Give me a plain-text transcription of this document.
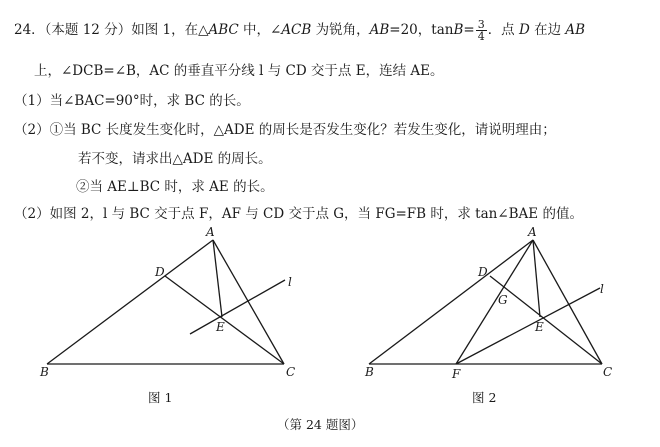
24．（本题 12 分）如图 1，在△ABC 中，∠ACB 为锐角，AB=20，$\tan B= \frac{3}{4}$ ．点 D 在边 AB
上，∠DCB=∠B，AC 的垂直平分线 l 与 CD 交于点 E，连结 AE。
（1）当∠BAC=90°时，求 BC 的长。
（2）①当 BC 长度发生变化时，△ADE 的周长是否发生变化？若发生变化，请说明理由；
若不变，请求出△ADE 的周长。
②当 AE⊥BC 时，求 AE 的长。
（2）如图 2，l 与 BC 交于点 F，AF 与 CD 交于点 G，当 FG=FB 时，求 tan∠BAE 的值。
A
B	C
D
E
l
图 1
A
B	C
D
E
F
G
l
图 2
（第 24 题图）
